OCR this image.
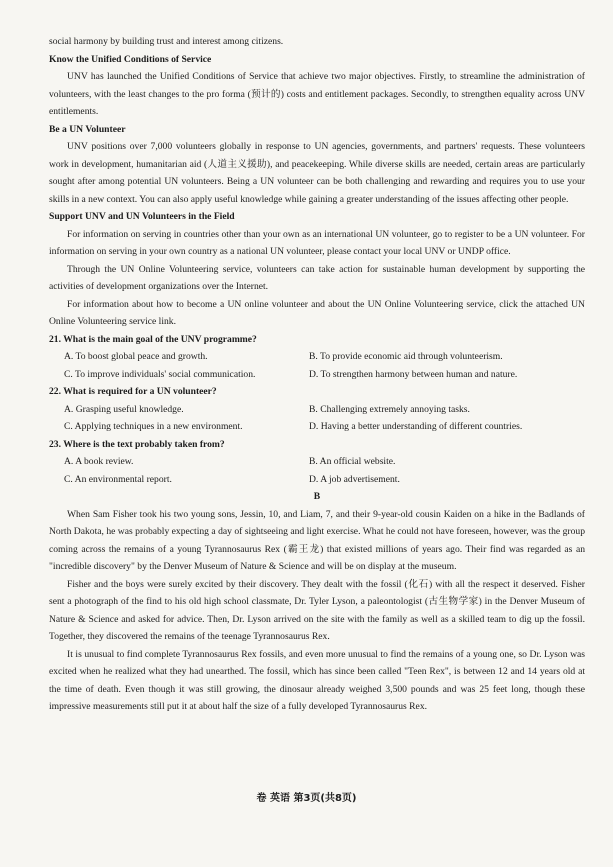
social harmony by building trust and interest among citizens.

Know the Unified Conditions of Service

UNV has launched the Unified Conditions of Service that achieve two major objectives. Firstly, to streamline the administration of volunteers, with the least changes to the pro forma (预计的) costs and entitlement packages. Secondly, to strengthen equality across UNV entitlements.

Be a UN Volunteer

UNV positions over 7,000 volunteers globally in response to UN agencies, governments, and partners' requests. These volunteers work in development, humanitarian aid (人道主义援助), and peacekeeping. While diverse skills are needed, certain areas are particularly sought after among potential UN volunteers. Being a UN volunteer can be both challenging and rewarding and requires you to use your skills in a new context. You can also apply useful knowledge while gaining a greater understanding of the issues affecting other people.

Support UNV and UN Volunteers in the Field

For information on serving in countries other than your own as an international UN volunteer, go to register to be a UN volunteer. For information on serving in your own country as a national UN volunteer, please contact your local UNV or UNDP office.

Through the UN Online Volunteering service, volunteers can take action for sustainable human development by supporting the activities of development organizations over the Internet.

For information about how to become a UN online volunteer and about the UN Online Volunteering service, click the attached UN Online Volunteering service link.

21. What is the main goal of the UNV programme?

A. To boost global peace and growth.	B. To provide economic aid through volunteerism.
C. To improve individuals' social communication.	D. To strengthen harmony between human and nature.

22. What is required for a UN volunteer?

A. Grasping useful knowledge.	B. Challenging extremely annoying tasks.
C. Applying techniques in a new environment.	D. Having a better understanding of different countries.

23. Where is the text probably taken from?

A. A book review.	B. An official website.
C. An environmental report.	D. A job advertisement.

B

When Sam Fisher took his two young sons, Jessin, 10, and Liam, 7, and their 9-year-old cousin Kaiden on a hike in the Badlands of North Dakota, he was probably expecting a day of sightseeing and light exercise. What he could not have foreseen, however, was the group coming across the remains of a young Tyrannosaurus Rex (霸王龙) that existed millions of years ago. Their find was regarded as an "incredible discovery" by the Denver Museum of Nature & Science and will be on display at the museum.

Fisher and the boys were surely excited by their discovery. They dealt with the fossil (化石) with all the respect it deserved. Fisher sent a photograph of the find to his old high school classmate, Dr. Tyler Lyson, a paleontologist (古生物学家) in the Denver Museum of Nature & Science and asked for advice. Then, Dr. Lyson arrived on the site with the family as well as a skilled team to dig up the fossil. Together, they discovered the remains of the teenage Tyrannosaurus Rex.

It is unusual to find complete Tyrannosaurus Rex fossils, and even more unusual to find the remains of a young one, so Dr. Lyson was excited when he realized what they had unearthed. The fossil, which has since been called "Teen Rex", is between 12 and 14 years old at the time of death. Even though it was still growing, the dinosaur already weighed 3,500 pounds and was 25 feet long, though these impressive measurements still put it at about half the size of a fully developed Tyrannosaurus Rex.

卷 英语 第3页(共8页)
